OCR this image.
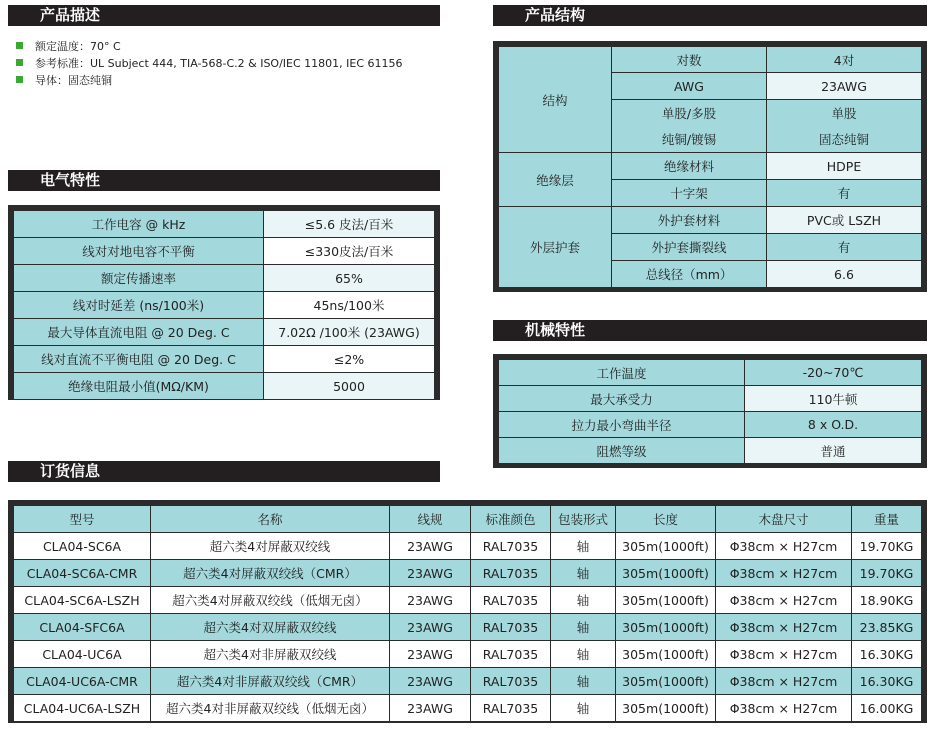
产品描述	产品结构
电气特性
机械特性
订货信息
额定温度：70° C
参考标准：UL Subject 444, TIA-568-C.2 & ISO/IEC 11801, IEC 61156
导体：固态纯铜
工作电容 @ kHz	≤5.6 皮法/百米
线对对地电容不平衡	≤330皮法/百米
额定传播速率	65%
线对时延差 (ns/100米)	45ns/100米
最大导体直流电阻 @ 20 Deg. C	7.02Ω /100米 (23AWG)
线对直流不平衡电阻 @ 20 Deg. C	≤2%
绝缘电阻最小值(MΩ/KM)	5000
结构	对数	4对
	AWG	23AWG
	单股/多股	单股
	纯铜/镀锡	固态纯铜
绝缘层	绝缘材料	HDPE
	十字架	有
外层护套	外护套材料	PVC或 LSZH
	外护套撕裂线	有
	总线径（mm）	6.6
工作温度	-20~70℃
最大承受力	110牛顿
拉力最小弯曲半径	8 x O.D.
阻燃等级	普通
型号	名称	线规	标准颜色	包装形式	长度	木盘尺寸	重量
CLA04-SC6A	超六类4对屏蔽双绞线	23AWG	RAL7035	轴	305m(1000ft)	Φ38cm × H27cm	19.70KG
CLA04-SC6A-CMR	超六类4对屏蔽双绞线（CMR）	23AWG	RAL7035	轴	305m(1000ft)	Φ38cm × H27cm	19.70KG
CLA04-SC6A-LSZH	超六类4对屏蔽双绞线（低烟无卤）	23AWG	RAL7035	轴	305m(1000ft)	Φ38cm × H27cm	18.90KG
CLA04-SFC6A	超六类4对双屏蔽双绞线	23AWG	RAL7035	轴	305m(1000ft)	Φ38cm × H27cm	23.85KG
CLA04-UC6A	超六类4对非屏蔽双绞线	23AWG	RAL7035	轴	305m(1000ft)	Φ38cm × H27cm	16.30KG
CLA04-UC6A-CMR	超六类4对非屏蔽双绞线（CMR）	23AWG	RAL7035	轴	305m(1000ft)	Φ38cm × H27cm	16.30KG
CLA04-UC6A-LSZH	超六类4对非屏蔽双绞线（低烟无卤）	23AWG	RAL7035	轴	305m(1000ft)	Φ38cm × H27cm	16.00KG
